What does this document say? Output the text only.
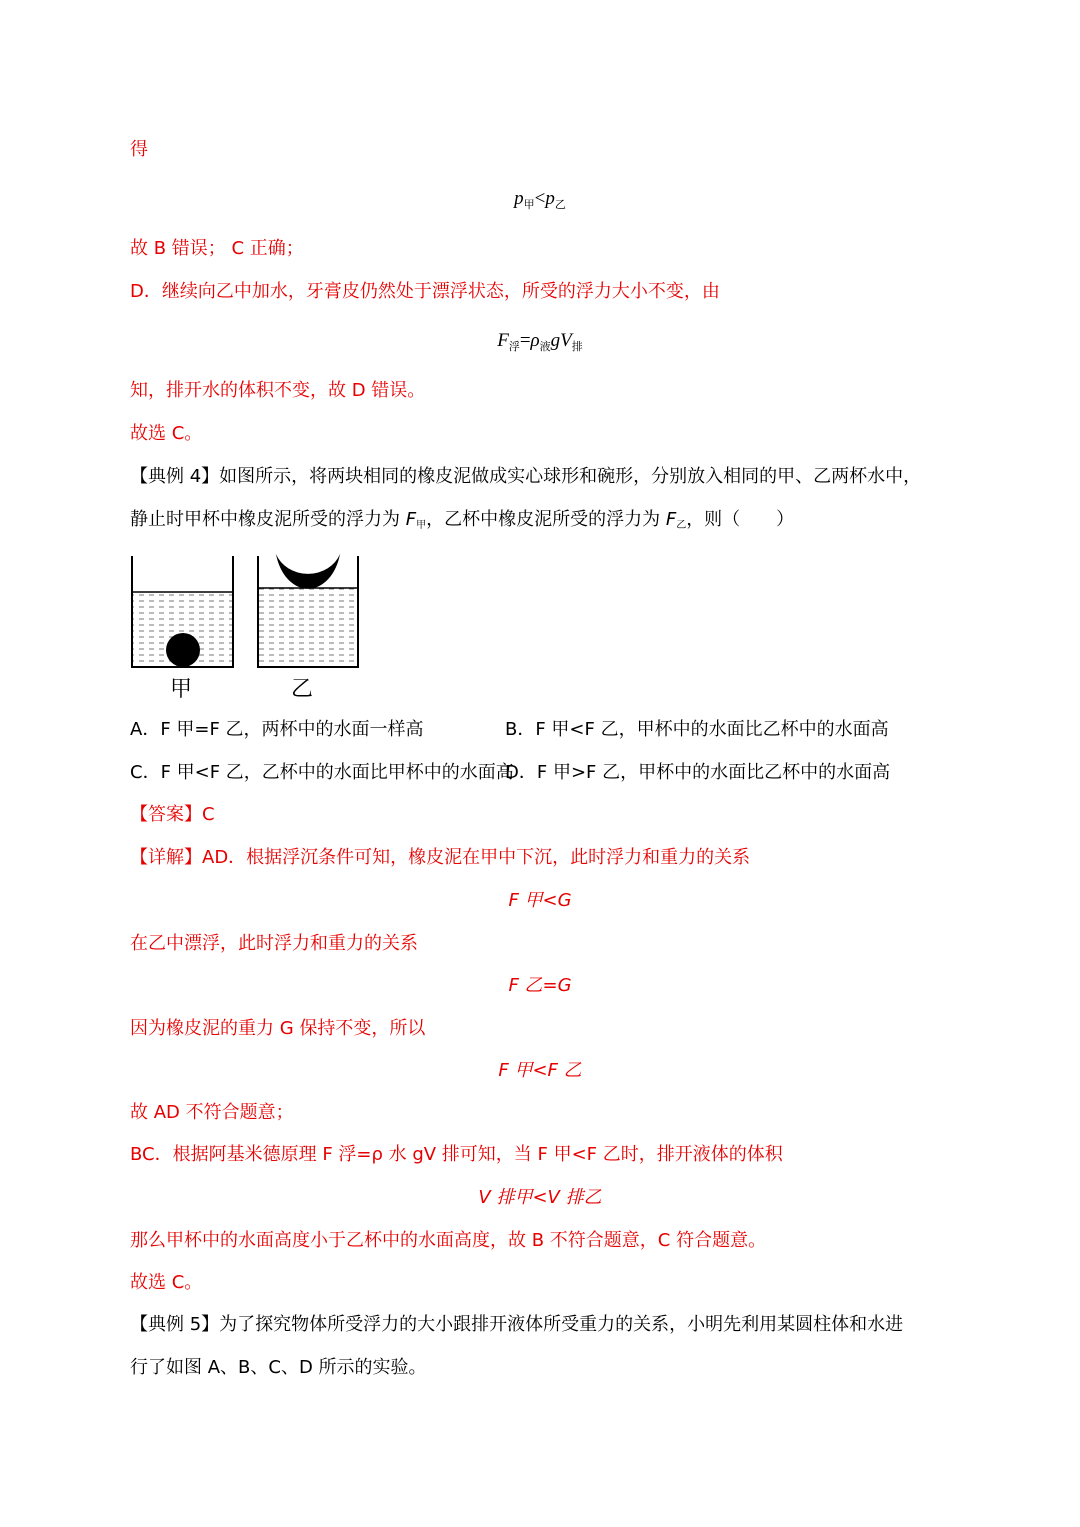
得
$p_甲<p_乙$
故 B 错误； C 正确；
D．继续向乙中加水，牙膏皮仍然处于漂浮状态，所受的浮力大小不变，由
$F_浮=\rho_液gV_排$
知，排开水的体积不变，故 D 错误。
故选 C。
【典例 4】如图所示，将两块相同的橡皮泥做成实心球形和碗形，分别放入相同的甲、乙两杯水中，
静止时甲杯中橡皮泥所受的浮力为 F甲，乙杯中橡皮泥所受的浮力为 F乙，则（　　）
甲	乙
A．F 甲=F 乙，两杯中的水面一样高	B．F 甲<F 乙，甲杯中的水面比乙杯中的水面高
C．F 甲<F 乙，乙杯中的水面比甲杯中的水面高
D．F 甲>F 乙，甲杯中的水面比乙杯中的水面高
【答案】C
【详解】AD．根据浮沉条件可知，橡皮泥在甲中下沉，此时浮力和重力的关系
F 甲<G
在乙中漂浮，此时浮力和重力的关系
F 乙=G
因为橡皮泥的重力 G 保持不变，所以
F 甲<F 乙
故 AD 不符合题意；
BC．根据阿基米德原理 F 浮=ρ 水 gV 排可知，当 F 甲<F 乙时，排开液体的体积
V 排甲<V 排乙
那么甲杯中的水面高度小于乙杯中的水面高度，故 B 不符合题意，C 符合题意。
故选 C。
【典例 5】为了探究物体所受浮力的大小跟排开液体所受重力的关系，小明先利用某圆柱体和水进
行了如图 A、B、C、D 所示的实验。
